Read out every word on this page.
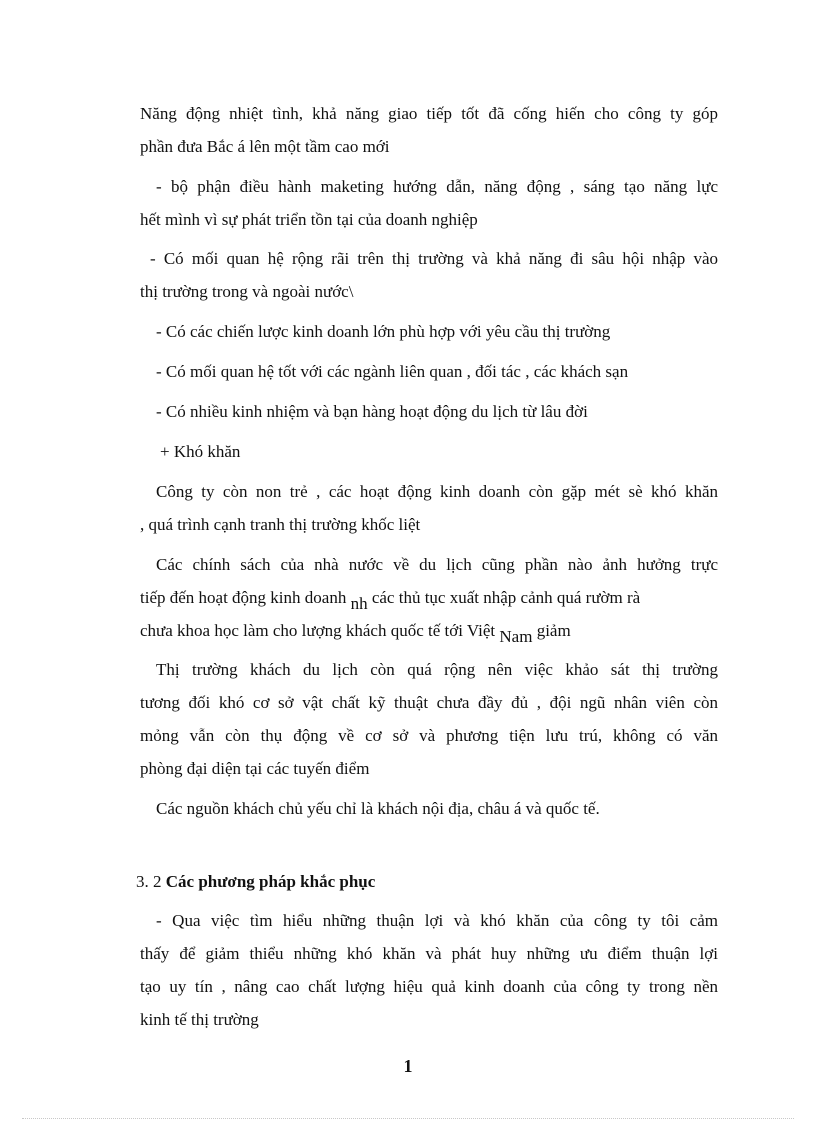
Năng động nhiệt tình, khả năng giao tiếp tốt đã cống hiến cho công ty góp
phần đưa Bắc á lên một tầm cao mới
- bộ phận điều hành maketing hướng dẫn, năng động , sáng tạo năng lực
hết mình vì sự phát triển tồn tại của doanh nghiệp
- Có mối quan hệ rộng rãi trên thị trường và khả năng đi sâu hội nhập vào
thị trường trong và ngoài nước\
- Có các chiến lược kinh doanh lớn phù hợp với yêu cầu thị trường
- Có mối quan hệ tốt với các ngành liên quan , đối tác , các khách sạn
- Có nhiều kinh nhiệm và bạn hàng hoạt động du lịch từ lâu đời
+ Khó khăn
Công ty còn non trẻ , các hoạt động kinh doanh còn gặp mét sè khó khăn
, quá trình cạnh tranh thị trường khốc liệt
Các chính sách của nhà nước về du lịch cũng phần nào ảnh hưởng trực
tiếp đến hoạt động kinh doanh nh các thủ tục xuất nhập cảnh quá rườm rà
chưa khoa học làm cho lượng khách quốc tế tới Việt Nam giảm
Thị trường khách du lịch còn quá rộng nên việc khảo sát thị trường
tương đối khó cơ sở vật chất kỹ thuật chưa đầy đủ , đội ngũ nhân viên còn
mỏng vẫn còn thụ động về cơ sở và phương tiện lưu trú, không có văn
phòng đại diện tại các tuyến điểm
Các nguồn khách chủ yếu chỉ là khách nội địa, châu á và quốc tế.
3. 2 Các phương pháp khắc phục
- Qua việc tìm hiểu những thuận lợi và khó khăn của công ty tôi cảm
thấy để giảm thiểu những khó khăn và phát huy những ưu điểm thuận lợi
tạo uy tín , nâng cao chất lượng hiệu quả kinh doanh của công ty trong nền
kinh tế thị trường
1
